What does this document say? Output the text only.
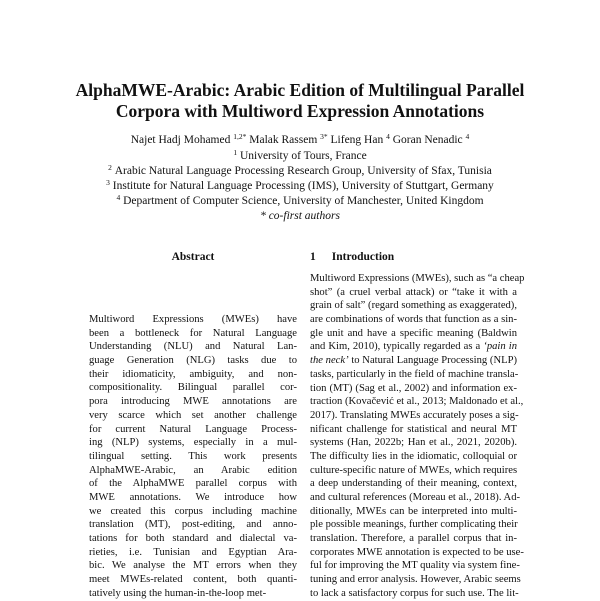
AlphaMWE-Arabic: Arabic Edition of Multilingual Parallel
Corpora with Multiword Expression Annotations
Najet Hadj Mohamed $^{1,2*}$ Malak Rassem $^{3*}$ Lifeng Han $^4$ Goran Nenadic $^4$
$^1$ University of Tours, France
$^2$ Arabic Natural Language Processing Research Group, University of Sfax, Tunisia
$^3$ Institute for Natural Language Processing (IMS), University of Stuttgart, Germany
$^4$ Department of Computer Science, University of Manchester, United Kingdom
* co-first authors
Abstract	1 Introduction
Multiword Expressions (MWEs) have
been a bottleneck for Natural Language
Understanding (NLU) and Natural Lan-
guage Generation (NLG) tasks due to
their idiomaticity, ambiguity, and non-
compositionality. Bilingual parallel cor-
pora introducing MWE annotations are
very scarce which set another challenge
for current Natural Language Process-
ing (NLP) systems, especially in a mul-
tilingual setting. This work presents
AlphaMWE-Arabic, an Arabic edition
of the AlphaMWE parallel corpus with
MWE annotations. We introduce how
we created this corpus including machine
translation (MT), post-editing, and anno-
tations for both standard and dialectal va-
rieties, i.e. Tunisian and Egyptian Ara-
bic. We analyse the MT errors when they
meet MWEs-related content, both quanti-
tatively using the human-in-the-loop met-
Multiword Expressions (MWEs), such as “a cheap
shot” (a cruel verbal attack) or “take it with a
grain of salt” (regard something as exaggerated),
are combinations of words that function as a sin-
gle unit and have a specific meaning (Baldwin
and Kim, 2010), typically regarded as a ‘pain in
the neck’ to Natural Language Processing (NLP)
tasks, particularly in the field of machine transla-
tion (MT) (Sag et al., 2002) and information ex-
traction (Kovačević et al., 2013; Maldonado et al.,
2017). Translating MWEs accurately poses a sig-
nificant challenge for statistical and neural MT
systems (Han, 2022b; Han et al., 2021, 2020b).
The difficulty lies in the idiomatic, colloquial or
culture-specific nature of MWEs, which requires
a deep understanding of their meaning, context,
and cultural references (Moreau et al., 2018). Ad-
ditionally, MWEs can be interpreted into multi-
ple possible meanings, further complicating their
translation. Therefore, a parallel corpus that in-
corporates MWE annotation is expected to be use-
ful for improving the MT quality via system fine-
tuning and error analysis. However, Arabic seems
to lack a satisfactory corpus for such use. The lit-
